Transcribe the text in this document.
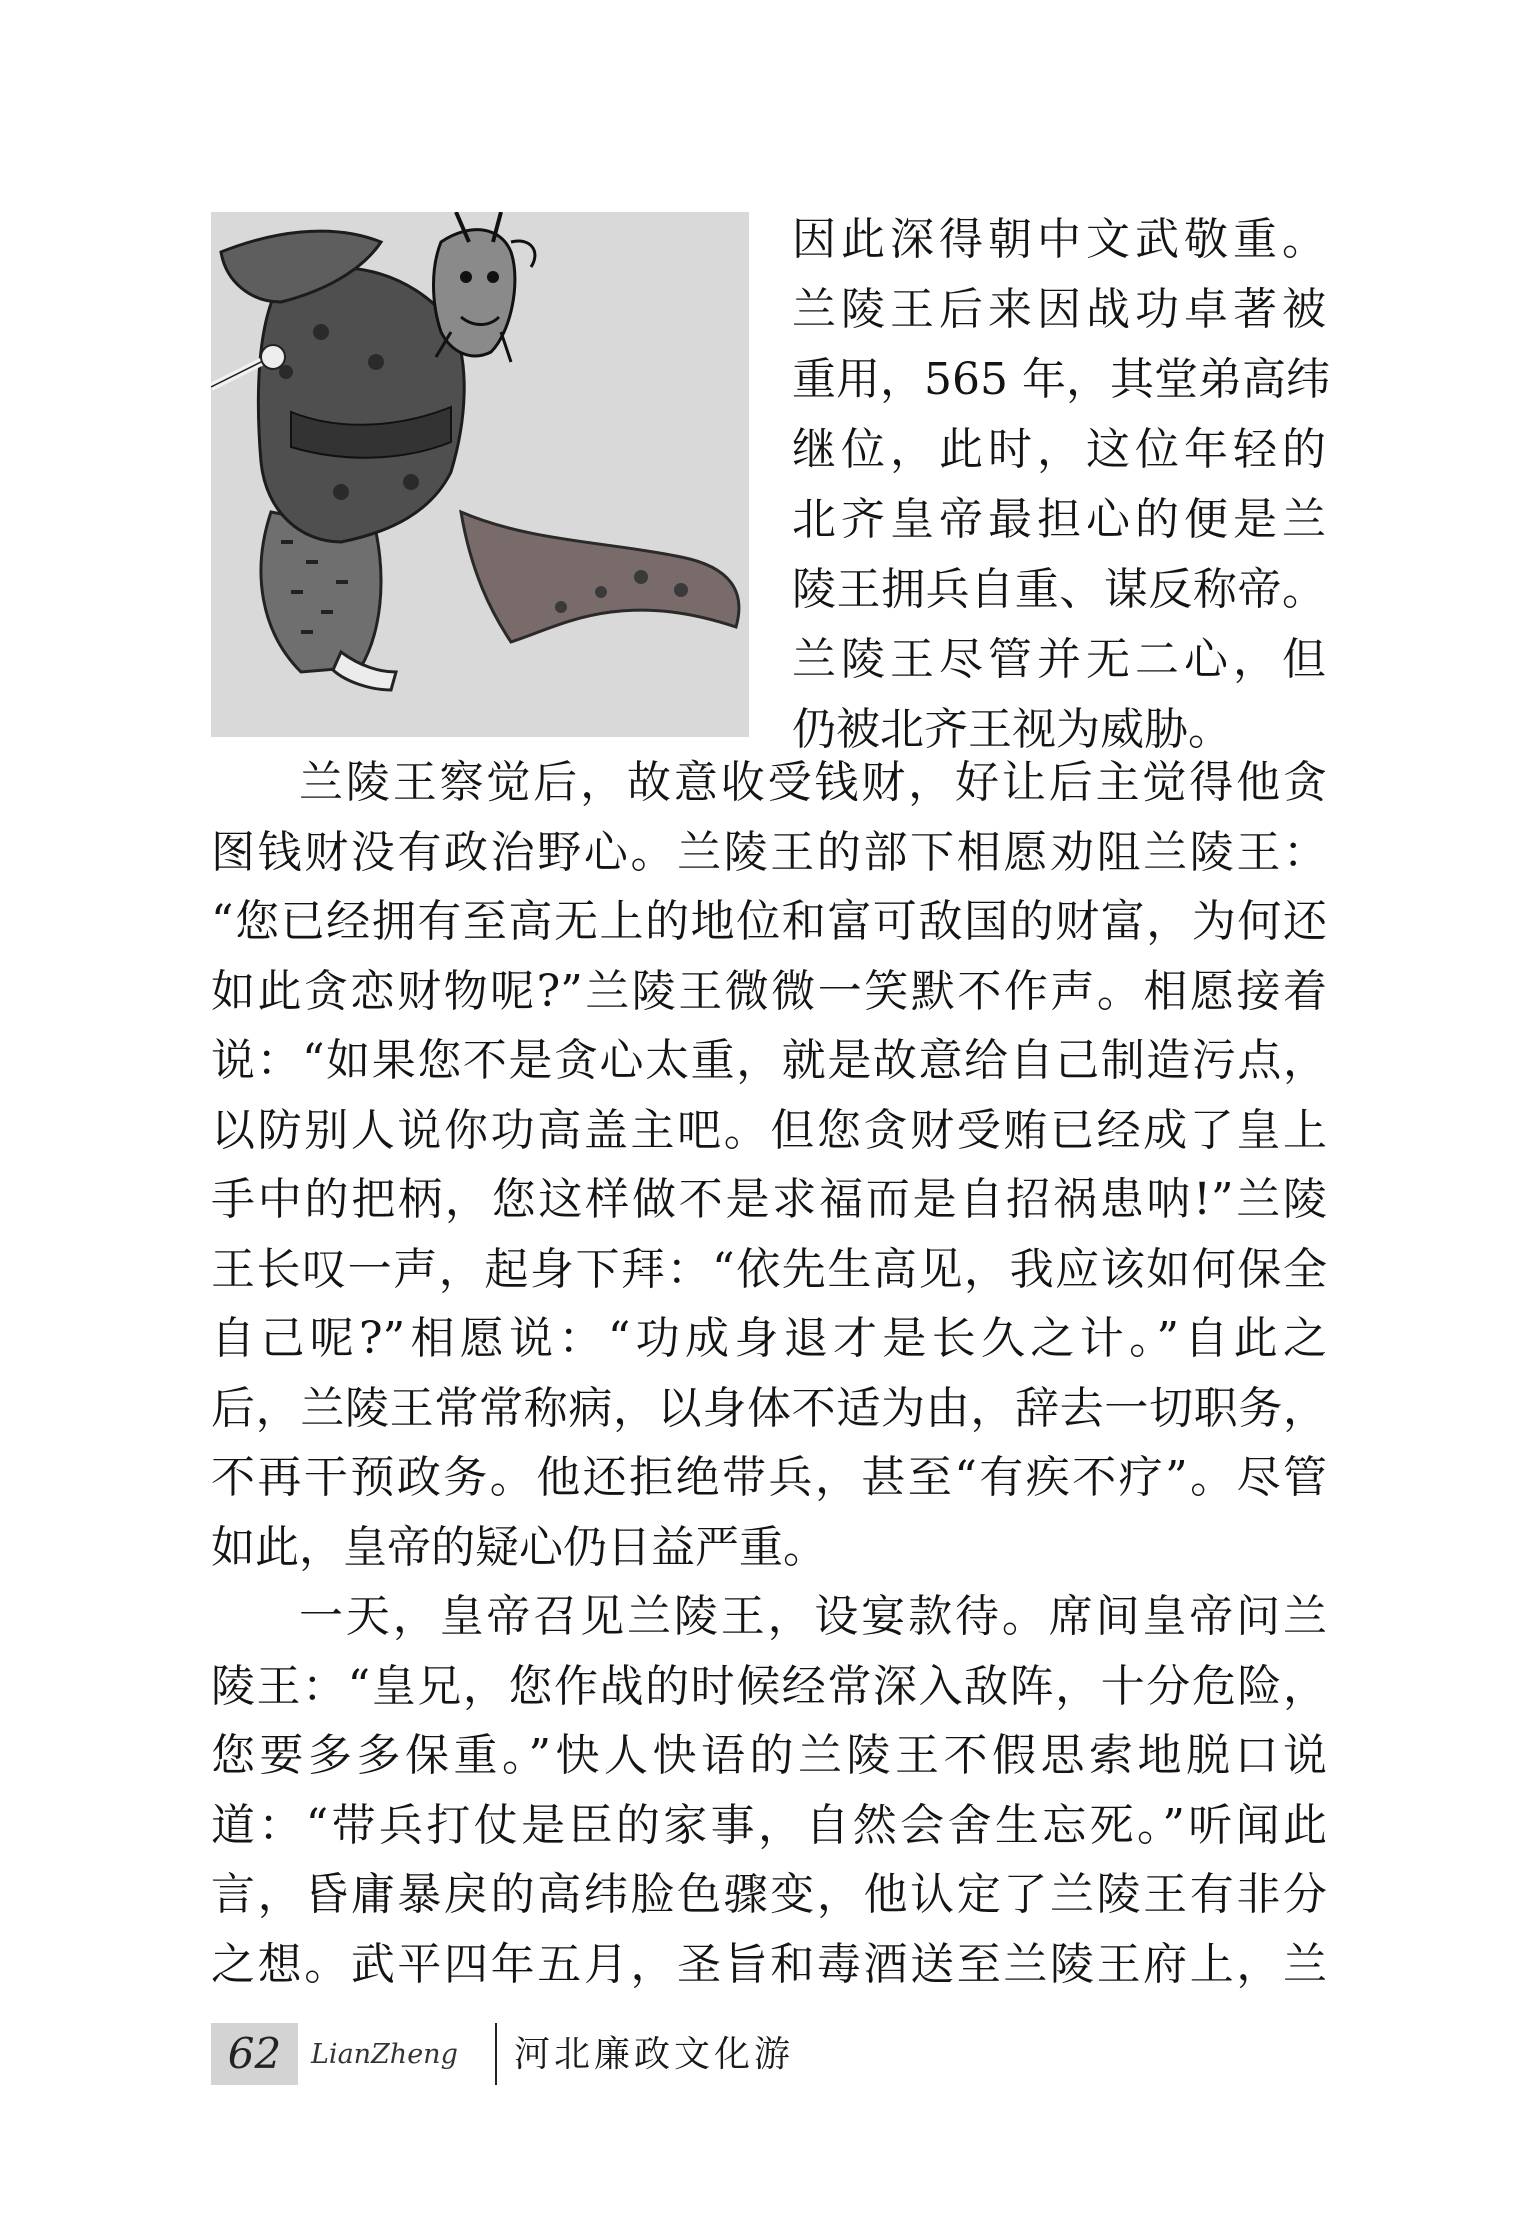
因此深得朝中文武敬重。
兰陵王后来因战功卓著被
重用，565 年，其堂弟高纬
继位，此时，这位年轻的
北齐皇帝最担心的便是兰
陵王拥兵自重、谋反称帝。
兰陵王尽管并无二心，但
仍被北齐王视为威胁。
兰陵王察觉后，故意收受钱财，好让后主觉得他贪
图钱财没有政治野心。兰陵王的部下相愿劝阻兰陵王：
“您已经拥有至高无上的地位和富可敌国的财富，为何还
如此贪恋财物呢?”兰陵王微微一笑默不作声。相愿接着
说：“如果您不是贪心太重，就是故意给自己制造污点，
以防别人说你功高盖主吧。但您贪财受贿已经成了皇上
手中的把柄，您这样做不是求福而是自招祸患呐!”兰陵
王长叹一声，起身下拜：“依先生高见，我应该如何保全
自己呢?”相愿说：“功成身退才是长久之计。”自此之
后，兰陵王常常称病，以身体不适为由，辞去一切职务，
不再干预政务。他还拒绝带兵，甚至“有疾不疗”。尽管
如此，皇帝的疑心仍日益严重。
一天，皇帝召见兰陵王，设宴款待。席间皇帝问兰
陵王：“皇兄，您作战的时候经常深入敌阵，十分危险，
您要多多保重。”快人快语的兰陵王不假思索地脱口说
道：“带兵打仗是臣的家事，自然会舍生忘死。”听闻此
言，昏庸暴戾的高纬脸色骤变，他认定了兰陵王有非分
之想。武平四年五月，圣旨和毒酒送至兰陵王府上，兰
62	LianZheng 河北廉政文化游
